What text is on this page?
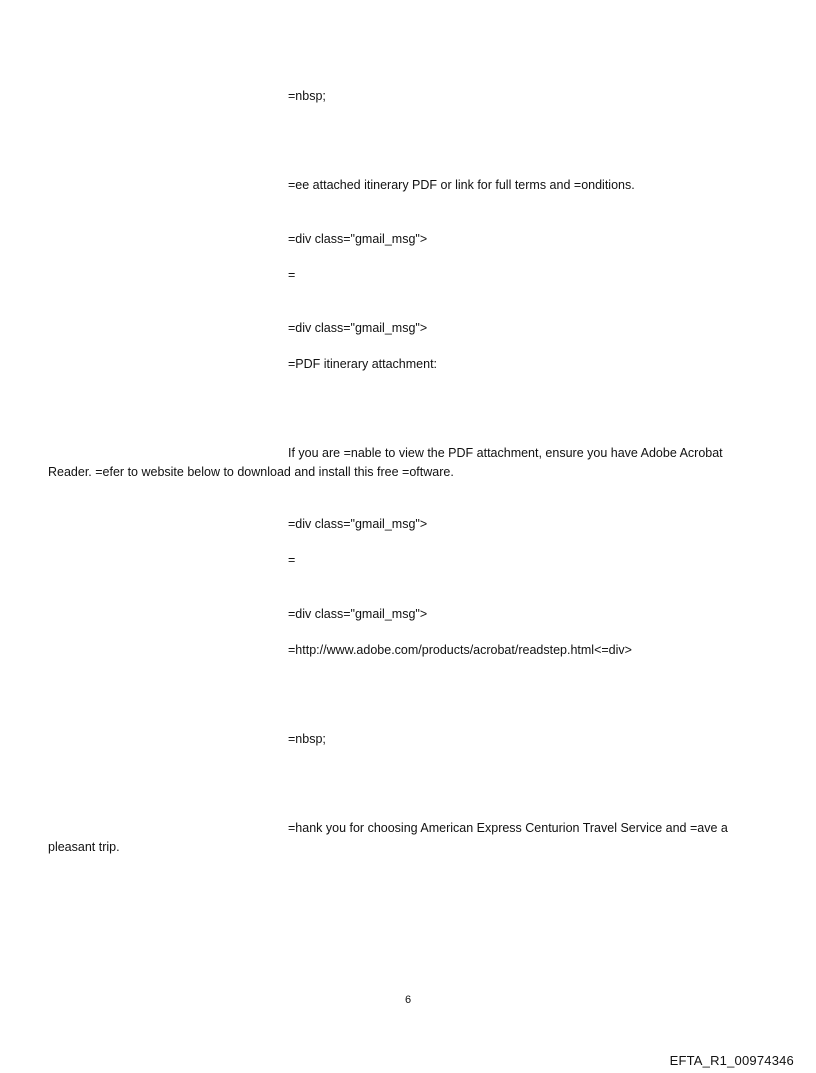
=nbsp;
=ee attached itinerary PDF or link for full terms and =onditions.
=div class="gmail_msg">
=
=div class="gmail_msg">
=PDF itinerary attachment:
If you are =nable to view the PDF attachment, ensure you have Adobe Acrobat Reader. =efer to website below to download and install this free =oftware.
=div class="gmail_msg">
=
=div class="gmail_msg">
=http://www.adobe.com/products/acrobat/readstep.html<=div>
=nbsp;
=hank you for choosing American Express Centurion Travel Service and =ave a pleasant trip.
6
EFTA_R1_00974346
